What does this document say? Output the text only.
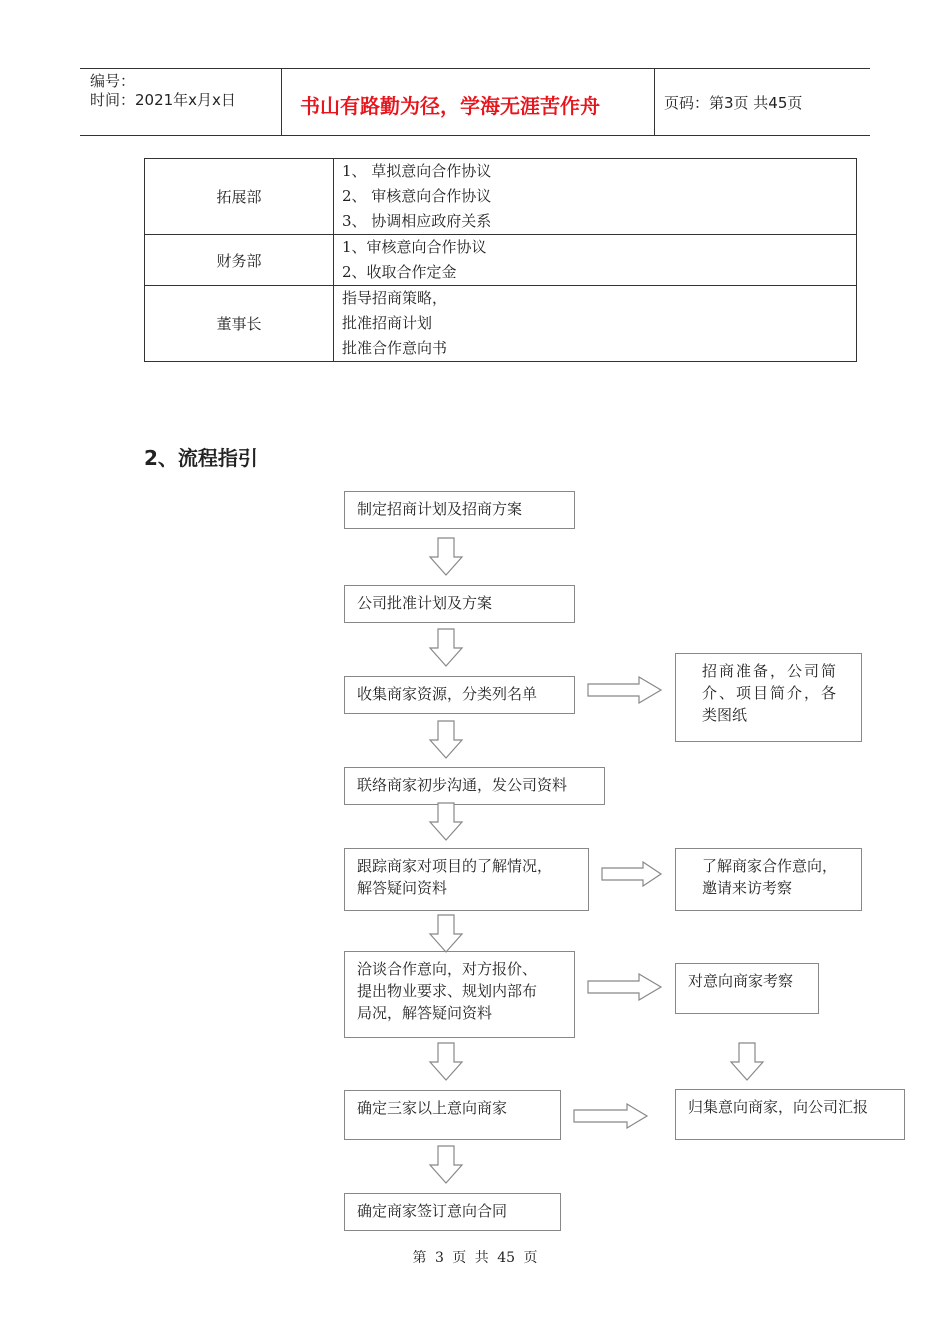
编号：
时间：2021年x月x日	书山有路勤为径，学海无涯苦作舟	页码：第3页 共45页
拓展部	1、 草拟意向合作协议
2、 审核意向合作协议
3、 协调相应政府关系

财务部	1、审核意向合作协议
2、收取合作定金

董事长	指导招商策略，
批准招商计划
批准合作意向书
2、流程指引
制定招商计划及招商方案
公司批准计划及方案
收集商家资源，分类列名单
联络商家初步沟通，发公司资料
跟踪商家对项目的了解情况，
解答疑问资料
洽谈合作意向，对方报价、
提出物业要求、规划内部布
局况，解答疑问资料
确定三家以上意向商家
确定商家签订意向合同
招商准备，公司简
介、项目简介，各
类图纸
了解商家合作意向，
邀请来访考察
对意向商家考察
归集意向商家，向公司汇报
第 3 页 共 45 页
